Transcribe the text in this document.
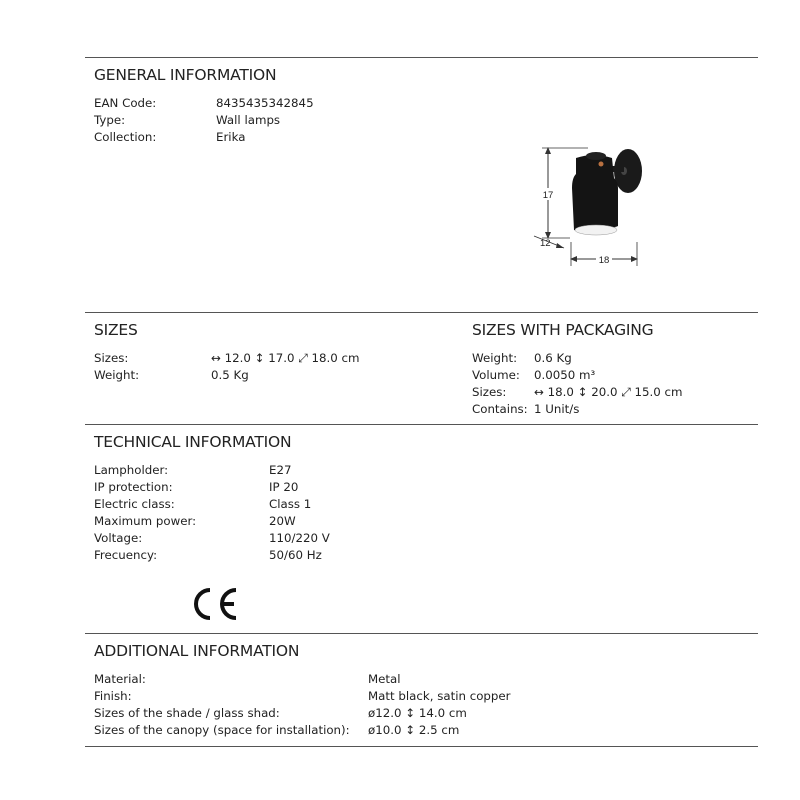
GENERAL INFORMATION
EAN Code:	8435435342845
Type:	Wall lamps
Collection:	Erika
17
12
18
SIZES
Sizes:	↔ 12.0 ↕ 17.0 ⤢ 18.0 cm
Weight:	0.5 Kg
SIZES WITH PACKAGING
Weight: 0.6 Kg
Volume: 0.0050 m³
Sizes: ↔ 18.0 ↕ 20.0 ⤢ 15.0 cm
Contains: 1 Unit/s
TECHNICAL INFORMATION
Lampholder:	E27
IP protection:	IP 20
Electric class:	Class 1
Maximum power:	20W
Voltage:	110/220 V
Frecuency:	50/60 Hz
ADDITIONAL INFORMATION
Material:	Metal
Finish:	Matt black, satin copper
Sizes of the shade / glass shad:	ø12.0 ↕ 14.0 cm
Sizes of the canopy (space for installation): ø10.0 ↕ 2.5 cm
